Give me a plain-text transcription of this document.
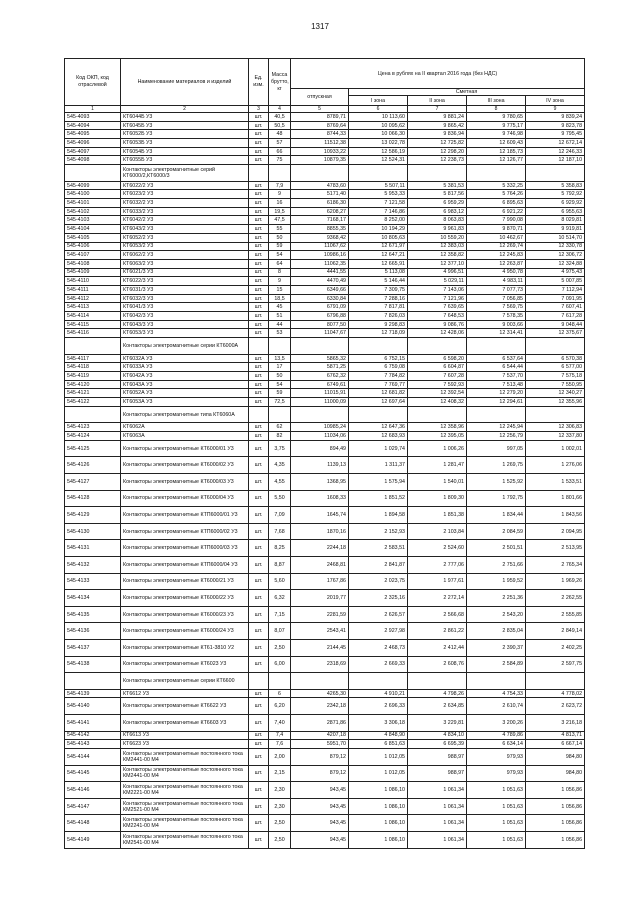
1317
Код ОКП, код отраслевой	Наименование материалов и изделий	Ед. изм.	Масса брутто, кг	Цена в рублях на II квартал 2016 года (без НДС)				
				отпускная	Сметная			
					I зона	II зона	III зона	IV зона
1	2	3	4	5	6	7	8	9
545-4093	КТ6044Б У3	шт.	40,5	8789,71	10 113,60	9 881,24	9 780,65	9 839,24
545-4094	КТ6045Б У3	шт.	50,5	8769,64	10 095,62	9 865,42	9 775,17	9 823,78
545-4095	КТ6052Б У3	шт.	48	8744,33	10 066,30	9 836,94	9 746,98	9 795,45
545-4096	КТ6053Б У3	шт.	57	11512,38	13 022,78	12 725,82	12 609,43	12 672,14
545-4097	КТ6054Б У3	шт.	66	10933,22	12 586,19	12 298,20	12 185,73	12 246,33
545-4098	КТ6055Б У3	шт.	75	10879,35	12 524,31	12 238,73	12 126,77	12 187,10
	Контакторы электромагнитные серий КТ6000/2,КТ6000/3							
545-4099	КТ6022/2 У3	шт.	7,9	4783,60	5 507,11	5 381,53	5 332,25	5 358,83
545-4100	КТ6023/2 У3	шт.	9	5171,40	5 953,33	5 817,56	5 764,26	5 792,92
545-4101	КТ6032/2 У3	шт.	16	6186,30	7 121,58	6 959,29	6 895,63	6 929,92
545-4102	КТ6033/2 У3	шт.	19,5	6208,27	7 146,86	6 983,12	6 921,22	6 955,63
545-4103	КТ6042/2 У3	шт.	47,5	7168,17	8 252,00	8 063,83	7 990,08	8 029,81
545-4104	КТ6043/2 У3	шт.	55	8855,35	10 194,29	9 961,83	9 870,71	9 919,81
545-4105	КТ6052/2 У3	шт.	50	9368,42	10 805,63	10 559,20	10 462,67	10 514,70
545-4106	КТ6053/2 У3	шт.	59	11067,62	12 671,97	12 383,03	12 269,74	12 330,78
545-4107	КТ6062/2 У3	шт.	54	10986,16	12 647,21	12 358,82	12 245,83	12 306,72
545-4108	КТ6063/2 У3	шт.	64	11062,35	12 665,91	12 377,10	12 263,87	12 324,88
545-4109	КТ6021/3 У3	шт.	8	4441,55	5 113,08	4 996,51	4 950,78	4 975,43
545-4110	КТ6022/3 У3	шт.	9	4470,49	5 146,44	5 029,11	4 983,11	5 007,85
545-4111	КТ6031/3 У3	шт.	15	6349,66	7 309,75	7 143,06	7 077,73	7 112,94
545-4112	КТ6032/3 У3	шт.	18,5	6330,84	7 288,16	7 121,96	7 056,85	7 091,95
545-4113	КТ6041/3 У3	шт.	45	6791,09	7 817,81	7 639,65	7 569,75	7 607,41
545-4114	КТ6042/3 У3	шт.	51	6796,88	7 826,03	7 648,53	7 578,35	7 617,28
545-4115	КТ6043/3 У3	шт.	44	8077,50	9 298,83	9 086,76	9 003,66	9 048,44
545-4116	КТ6053/3 У3	шт.	53	11047,67	12 718,09	12 428,06	12 314,41	12 375,67
	Контакторы электромагнитные серии КТ6000А							
545-4117	КТ6032А У3	шт.	13,5	5865,32	6 752,15	6 598,20	6 537,64	6 570,38
545-4118	КТ6033А У3	шт.	17	5871,25	6 759,08	6 604,87	6 544,44	6 577,00
545-4119	КТ6042А У3	шт.	50	6762,32	7 784,82	7 607,28	7 537,70	7 575,18
545-4120	КТ6043А У3	шт.	54	6749,61	7 769,77	7 592,93	7 513,48	7 550,95
545-4121	КТ6052А У3	шт.	59	11015,91	12 681,82	12 392,54	12 279,20	12 340,27
545-4122	КТ6053А У3	шт.	72,5	11000,09	12 697,64	12 408,32	12 294,61	12 355,96
	Контакторы электромагнитные типа КТ6060А							
545-4123	КТ6062А	шт.	62	10985,24	12 647,36	12 358,96	12 245,94	12 306,83
545-4124	КТ6063А	шт.	82	11034,06	12 683,93	12 395,05	12 256,79	12 337,80
545-4125	Контакторы электромагнитные КТ6000/01 У3	шт.	3,75	894,49	1 029,74	1 006,26	997,05	1 002,01
545-4126	Контакторы электромагнитные КТ6000/02 У3	шт.	4,35	1139,13	1 311,37	1 281,47	1 269,75	1 276,06
545-4127	Контакторы электромагнитные КТ6000/03 У3	шт.	4,55	1368,95	1 575,94	1 540,01	1 525,92	1 533,51
545-4128	Контакторы электромагнитные КТ6000/04 У3	шт.	5,50	1608,33	1 851,52	1 809,30	1 792,75	1 801,66
545-4129	Контакторы электромагнитные КТП6000/01 У3	шт.	7,09	1645,74	1 894,58	1 851,38	1 834,44	1 843,56
545-4130	Контакторы электромагнитные КТП6000/02 У3	шт.	7,68	1870,16	2 152,93	2 103,84	2 084,59	2 094,95
545-4131	Контакторы электромагнитные КТП6000/03 У3	шт.	8,25	2244,18	2 583,51	2 524,60	2 501,51	2 513,95
545-4132	Контакторы электромагнитные КТП6000/04 У3	шт.	8,87	2468,81	2 841,87	2 777,06	2 751,66	2 765,34
545-4133	Контакторы электромагнитные КТ6000/21 У3	шт.	5,60	1767,86	2 023,75	1 977,61	1 959,52	1 969,26
545-4134	Контакторы электромагнитные КТ6000/22 У3	шт.	6,32	2019,77	2 325,16	2 272,14	2 251,36	2 262,55
545-4135	Контакторы электромагнитные КТ6000/23 У3	шт.	7,15	2281,59	2 626,57	2 566,68	2 543,20	2 555,85
545-4136	Контакторы электромагнитные КТ6000/24 У3	шт.	8,07	2543,41	2 927,98	2 861,22	2 835,04	2 849,14
545-4137	Контакторы электромагнитные КТ61-3810 У2	шт.	2,50	2144,45	2 468,73	2 412,44	2 390,37	2 402,25
545-4138	Контакторы электромагнитные КТ6023 У3	шт.	6,00	2318,69	2 669,33	2 608,76	2 584,89	2 597,75
	Контакторы электромагнитные серии КТ6600							
545-4139	КТ6612 У3	шт.	6	4265,30	4 910,21	4 798,26	4 754,33	4 778,02
545-4140	Контакторы электромагнитные КТ6622 У3	шт.	6,20	2342,18	2 696,33	2 634,85	2 610,74	2 623,72
545-4141	Контакторы электромагнитные КТ6603 У3	шт.	7,40	2871,86	3 306,18	3 229,81	3 200,26	3 216,18
545-4142	КТ6613 У3	шт.	7,4	4207,18	4 848,90	4 834,10	4 789,86	4 813,71
545-4143	КТ6623 У3	шт.	7,6	5951,70	6 851,63	6 695,39	6 634,14	6 667,14
545-4144	Контакторы электромагнитные постоянного тока КМ2441-00 М4	шт.	2,00	879,12	1 012,05	988,97	979,93	984,80
545-4145	Контакторы электромагнитные постоянного тока КМ2441-00 М4	шт.	2,15	879,12	1 012,05	988,97	979,93	984,80
545-4146	Контакторы электромагнитные постоянного тока КМ2221-00 М4	шт.	2,30	943,45	1 086,10	1 061,34	1 051,63	1 056,86
545-4147	Контакторы электромагнитные постоянного тока КМ2521-00 М4	шт.	2,30	943,45	1 086,10	1 061,34	1 051,63	1 056,86
545-4148	Контакторы электромагнитные постоянного тока КМ2241-00 М4	шт.	2,50	943,45	1 086,10	1 061,34	1 051,63	1 056,86
545-4149	Контакторы электромагнитные постоянного тока КМ2541-00 М4	шт.	2,50	943,45	1 086,10	1 061,34	1 051,63	1 056,86
